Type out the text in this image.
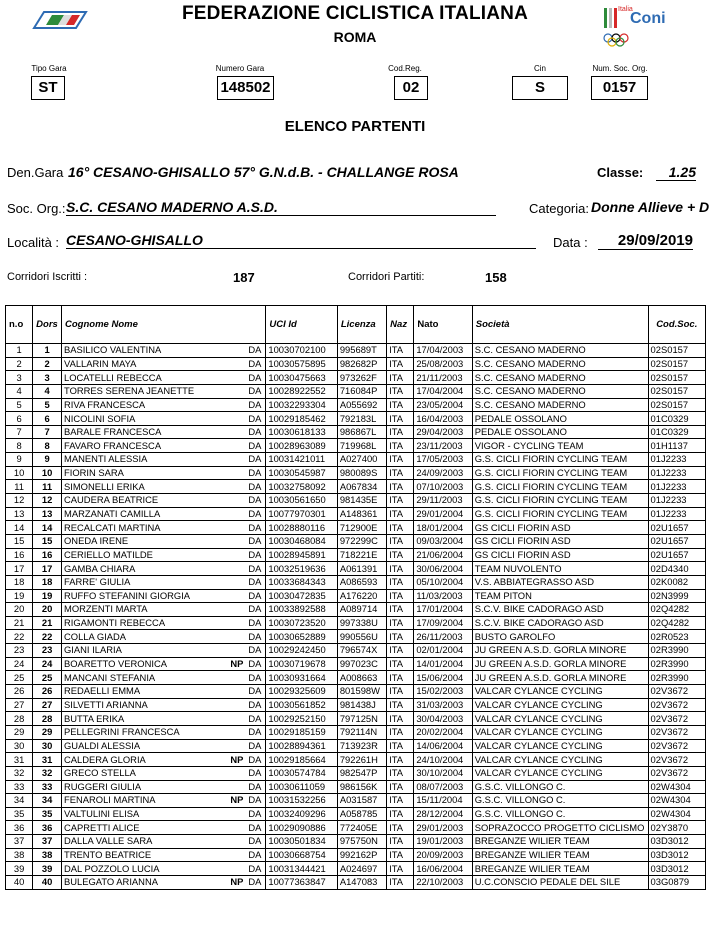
FEDERAZIONE CICLISTICA ITALIANA
ROMA
Italia
Coni
Tipo Gara
ST
Numero Gara
148502
Cod.Reg.
02
Cin
S
Num. Soc. Org.
0157
ELENCO PARTENTI
Den.Gara 16° CESANO-GHISALLO 57° G.N.d.B. - CHALLANGE ROSA	Classe:	1.25
Soc. Org.: S.C. CESANO MADERNO A.S.D.	Categoria: Donne Allieve + D
Località : CESANO-GHISALLO	Data :	29/09/2019
Corridori Iscritti :	187	Corridori Partiti:	158
n.o	Dors	Cognome Nome	UCI Id	Licenza	Naz	Nato	Società	Cod.Soc.
1	1	BASILICO VALENTINA DA	10030702100	995689T	ITA	17/04/2003	S.C. CESANO MADERNO	02S0157
2	2	VALLARIN MAYA DA	10030575895	982682P	ITA	25/08/2003	S.C. CESANO MADERNO	02S0157
3	3	LOCATELLI REBECCA DA	10030475663	973262F	ITA	21/11/2003	S.C. CESANO MADERNO	02S0157
4	4	TORRES SERENA JEANETTE DA	10028922552	716084P	ITA	17/04/2004	S.C. CESANO MADERNO	02S0157
5	5	RIVA FRANCESCA DA	10032293304	A055692	ITA	23/05/2004	S.C. CESANO MADERNO	02S0157
6	6	NICOLINI SOFIA DA	10029185462	792183L	ITA	16/04/2003	PEDALE OSSOLANO	01C0329
7	7	BARALE FRANCESCA DA	10030618133	986867L	ITA	29/04/2003	PEDALE OSSOLANO	01C0329
8	8	FAVARO FRANCESCA DA	10028963089	719968L	ITA	23/11/2003	VIGOR - CYCLING TEAM	01H1137
9	9	MANENTI ALESSIA DA	10031421011	A027400	ITA	17/05/2003	G.S. CICLI FIORIN CYCLING TEAM	01J2233
10	10	FIORIN SARA DA	10030545987	980089S	ITA	24/09/2003	G.S. CICLI FIORIN CYCLING TEAM	01J2233
11	11	SIMONELLI ERIKA DA	10032758092	A067834	ITA	07/10/2003	G.S. CICLI FIORIN CYCLING TEAM	01J2233
12	12	CAUDERA BEATRICE DA	10030561650	981435E	ITA	29/11/2003	G.S. CICLI FIORIN CYCLING TEAM	01J2233
13	13	MARZANATI CAMILLA DA	10077970301	A148361	ITA	29/01/2004	G.S. CICLI FIORIN CYCLING TEAM	01J2233
14	14	RECALCATI MARTINA DA	10028880116	712900E	ITA	18/01/2004	GS CICLI FIORIN ASD	02U1657
15	15	ONEDA IRENE DA	10030468084	972299C	ITA	09/03/2004	GS CICLI FIORIN ASD	02U1657
16	16	CERIELLO MATILDE DA	10028945891	718221E	ITA	21/06/2004	GS CICLI FIORIN ASD	02U1657
17	17	GAMBA CHIARA DA	10032519636	A061391	ITA	30/06/2004	TEAM NUVOLENTO	02D4340
18	18	FARRE' GIULIA DA	10033684343	A086593	ITA	05/10/2004	V.S. ABBIATEGRASSO ASD	02K0082
19	19	RUFFO STEFANINI GIORGIA DA	10030472835	A176220	ITA	11/03/2003	TEAM PITON	02N3999
20	20	MORZENTI MARTA DA	10033892588	A089714	ITA	17/01/2004	S.C.V. BIKE CADORAGO ASD	02Q4282
21	21	RIGAMONTI REBECCA DA	10030723520	997338U	ITA	17/09/2004	S.C.V. BIKE CADORAGO ASD	02Q4282
22	22	COLLA GIADA DA	10030652889	990556U	ITA	26/11/2003	BUSTO GAROLFO	02R0523
23	23	GIANI ILARIA DA	10029242450	796574X	ITA	02/01/2004	JU GREEN A.S.D. GORLA MINORE	02R3990
24	24	BOARETTO VERONICA NP DA	10030719678	997023C	ITA	14/01/2004	JU GREEN A.S.D. GORLA MINORE	02R3990
25	25	MANCANI STEFANIA DA	10030931664	A008663	ITA	15/06/2004	JU GREEN A.S.D. GORLA MINORE	02R3990
26	26	REDAELLI EMMA DA	10029325609	801598W	ITA	15/02/2003	VALCAR CYLANCE CYCLING	02V3672
27	27	SILVETTI ARIANNA DA	10030561852	981438J	ITA	31/03/2003	VALCAR CYLANCE CYCLING	02V3672
28	28	BUTTA ERIKA DA	10029252150	797125N	ITA	30/04/2003	VALCAR CYLANCE CYCLING	02V3672
29	29	PELLEGRINI FRANCESCA DA	10029185159	792114N	ITA	20/02/2004	VALCAR CYLANCE CYCLING	02V3672
30	30	GUALDI ALESSIA DA	10028894361	713923R	ITA	14/06/2004	VALCAR CYLANCE CYCLING	02V3672
31	31	CALDERA GLORIA NP DA	10029185664	792261H	ITA	24/10/2004	VALCAR CYLANCE CYCLING	02V3672
32	32	GRECO STELLA DA	10030574784	982547P	ITA	30/10/2004	VALCAR CYLANCE CYCLING	02V3672
33	33	RUGGERI GIULIA DA	10030611059	986156K	ITA	08/07/2003	G.S.C. VILLONGO C.	02W4304
34	34	FENAROLI MARTINA NP DA	10031532256	A031587	ITA	15/11/2004	G.S.C. VILLONGO C.	02W4304
35	35	VALTULINI ELISA DA	10032409296	A058785	ITA	28/12/2004	G.S.C. VILLONGO C.	02W4304
36	36	CAPRETTI ALICE DA	10029090886	772405E	ITA	29/01/2003	SOPRAZOCCO PROGETTO CICLISMO	02Y3870
37	37	DALLA VALLE SARA DA	10030501834	975750N	ITA	19/01/2003	BREGANZE WILIER TEAM	03D3012
38	38	TRENTO BEATRICE DA	10030668754	992162P	ITA	20/09/2003	BREGANZE WILIER TEAM	03D3012
39	39	DAL POZZOLO LUCIA DA	10031344421	A024697	ITA	16/06/2004	BREGANZE WILIER TEAM	03D3012
40	40	BULEGATO ARIANNA NP DA	10077363847	A147083	ITA	22/10/2003	U.C.CONSCIO PEDALE DEL SILE	03G0879
